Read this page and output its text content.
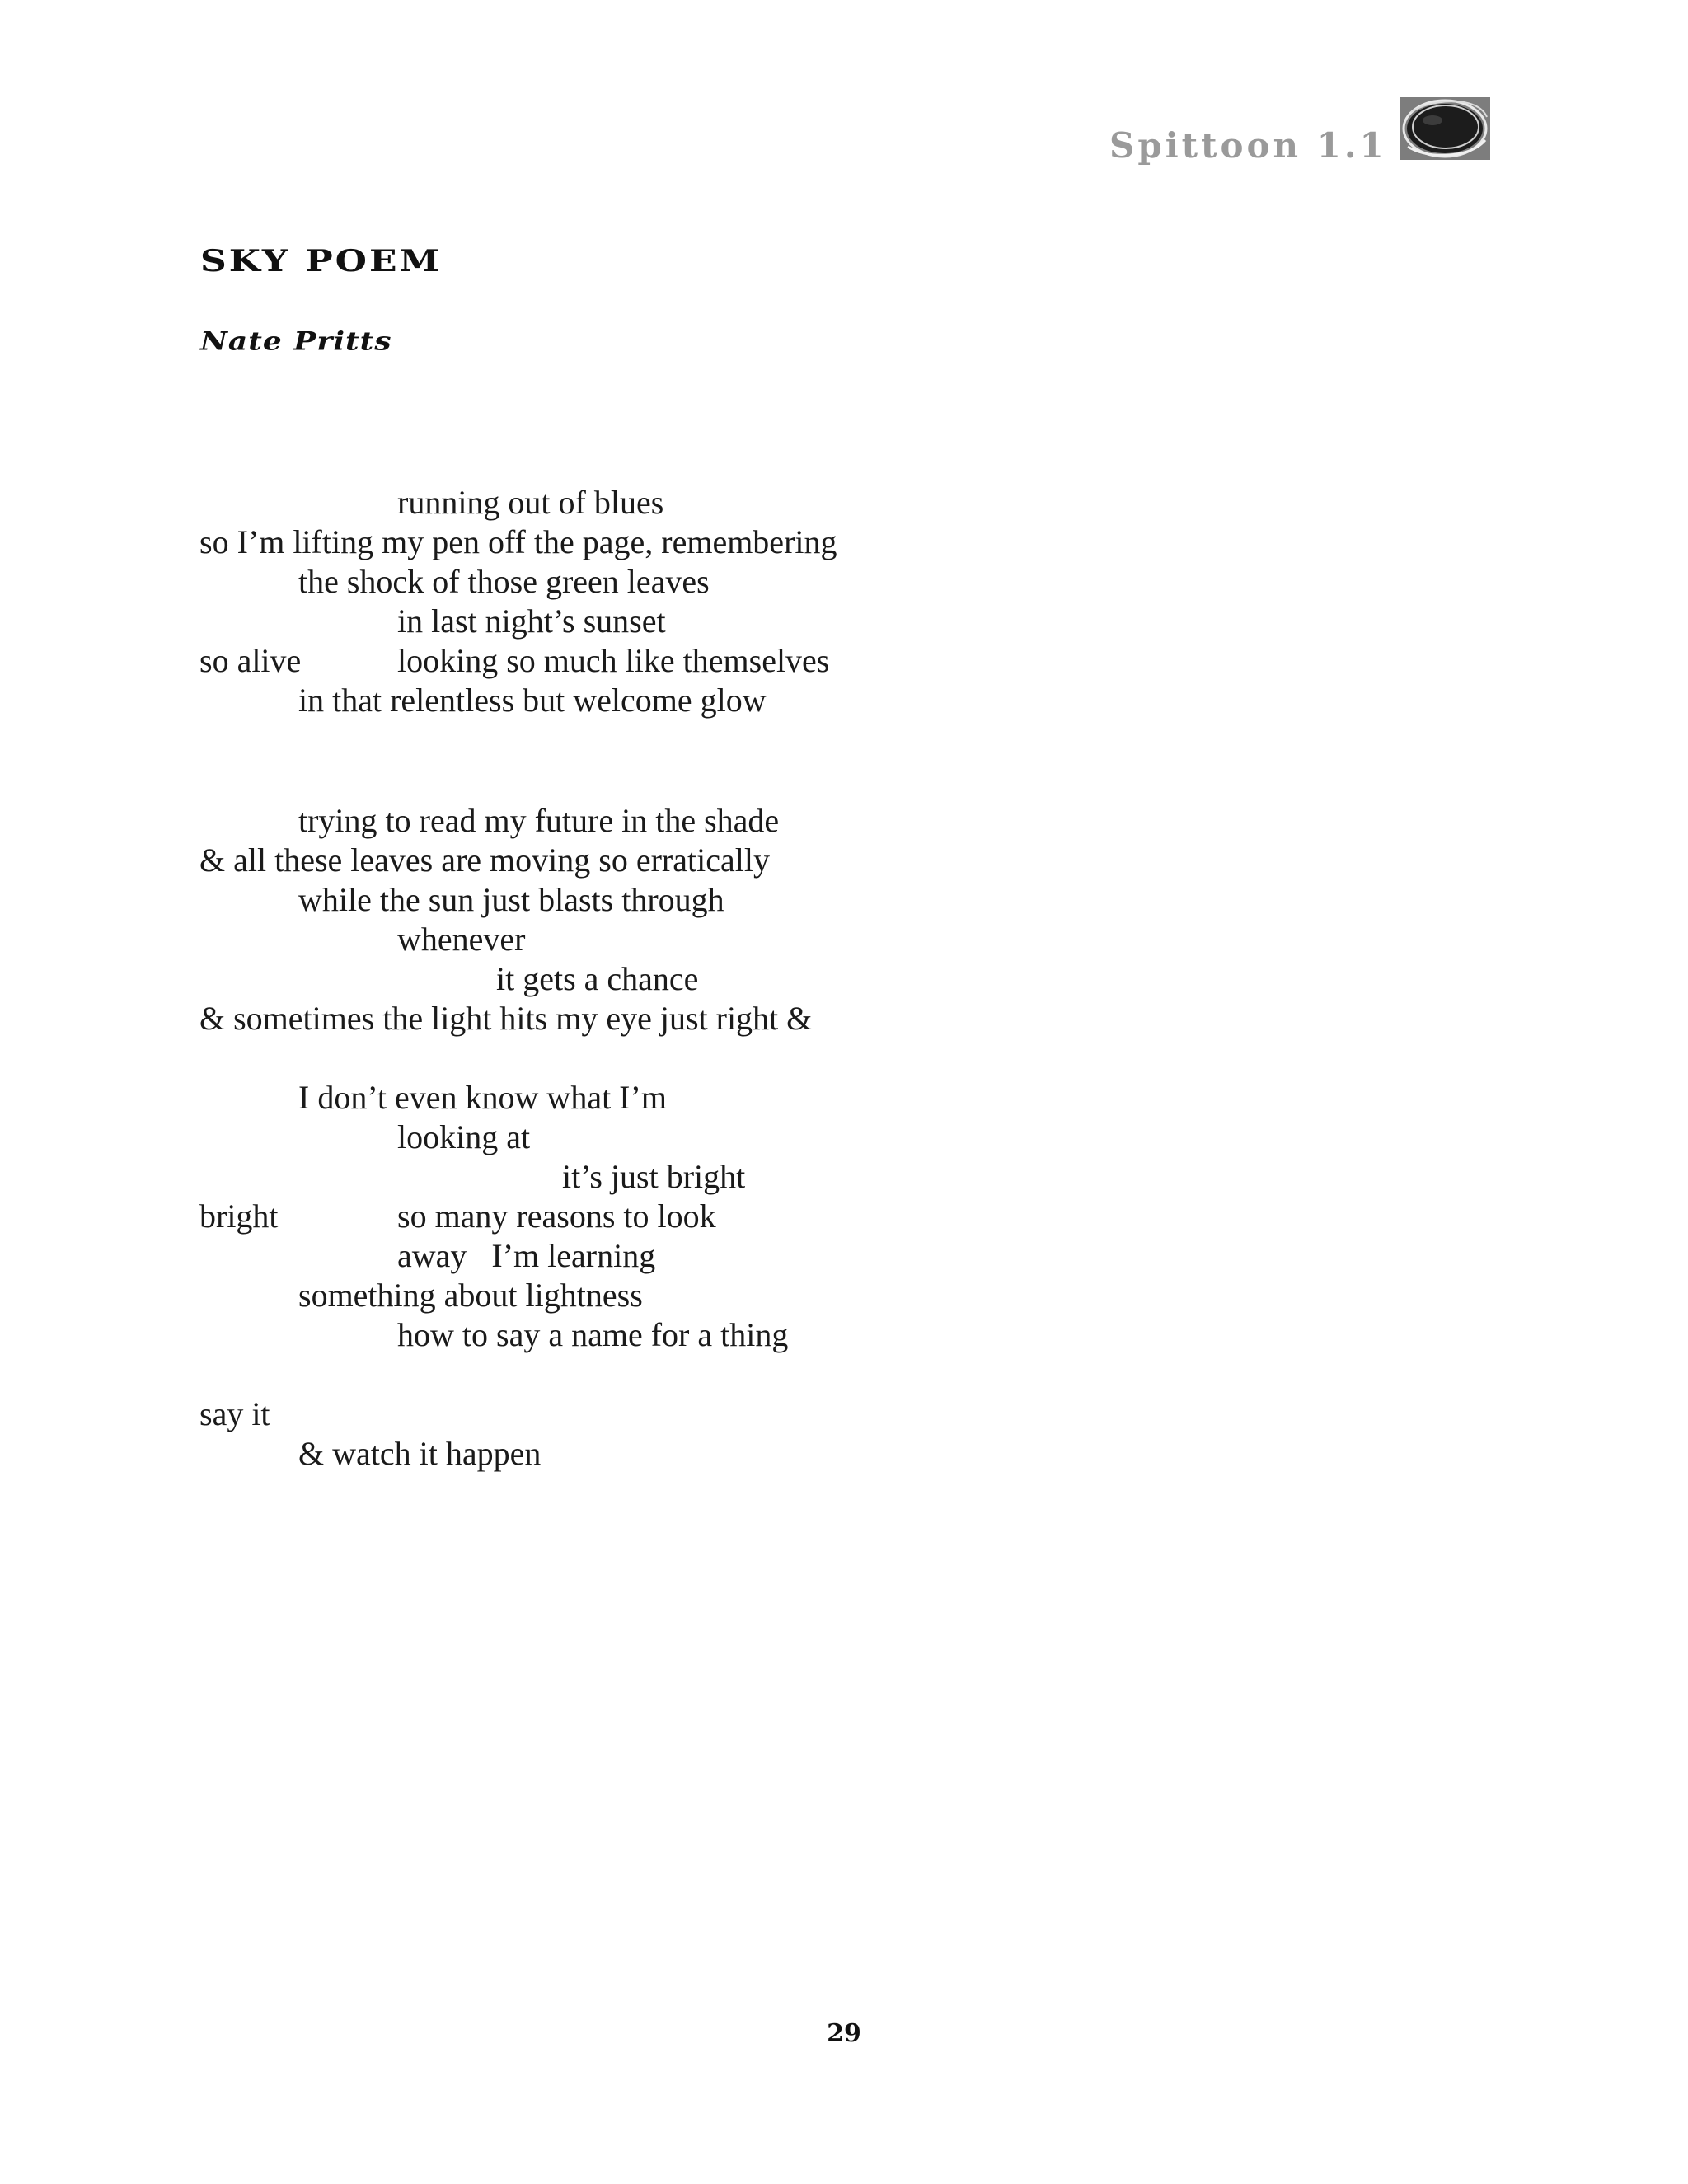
Spittoon 1.1
SKY POEM
Nate Pritts
running out of blues
so I’m lifting my pen off the page, remembering
the shock of those green leaves
in last night’s sunset
so alive	looking so much like themselves
in that relentless but welcome glow
trying to read my future in the shade
& all these leaves are moving so erratically
while the sun just blasts through
whenever
it gets a chance
& sometimes the light hits my eye just right &
I don’t even know what I’m
looking at
it’s just bright
bright	so many reasons to look
away   I’m learning
something about lightness
how to say a name for a thing
say it
& watch it happen
29
